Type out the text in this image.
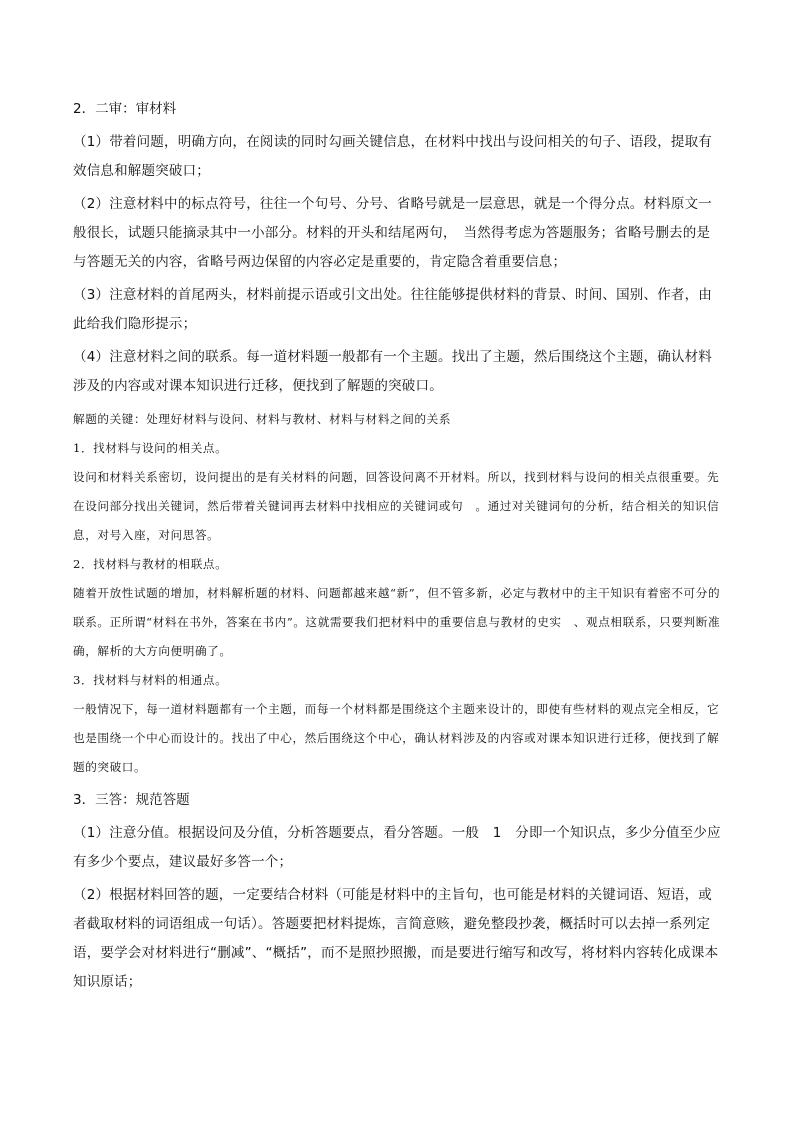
2．二审：审材料

（1）带着问题，明确方向，在阅读的同时勾画关键信息，在材料中找出与设问相关的句子、语段，提取有效信息和解题突破口；

（2）注意材料中的标点符号，往往一个句号、分号、省略号就是一层意思，就是一个得分点。材料原文一般很长，试题只能摘录其中一小部分。材料的开头和结尾两句，　当然得考虑为答题服务；省略号删去的是与答题无关的内容，省略号两边保留的内容必定是重要的，肯定隐含着重要信息；

（3）注意材料的首尾两头，材料前提示语或引文出处。往往能够提供材料的背景、时间、国别、作者，由此给我们隐形提示；

（4）注意材料之间的联系。每一道材料题一般都有一个主题。找出了主题，然后围绕这个主题，确认材料涉及的内容或对课本知识进行迁移，便找到了解题的突破口。

解题的关键：处理好材料与设问、材料与教材、材料与材料之间的关系

1．找材料与设问的相关点。

设问和材料关系密切，设问提出的是有关材料的问题，回答设问离不开材料。所以，找到材料与设问的相关点很重要。先在设问部分找出关键词，然后带着关键词再去材料中找相应的关键词或句　。通过对关键词句的分析，结合相关的知识信息，对号入座，对问思答。

2．找材料与教材的相联点。

随着开放性试题的增加，材料解析题的材料、问题都越来越“新”，但不管多新，必定与教材中的主干知识有着密不可分的联系。正所谓“材料在书外，答案在书内”。这就需要我们把材料中的重要信息与教材的史实　、观点相联系，只要判断准确，解析的大方向便明确了。

3．找材料与材料的相通点。

一般情况下，每一道材料题都有一个主题，而每一个材料都是围绕这个主题来设计的，即使有些材料的观点完全相反，它也是围绕一个中心而设计的。找出了中心，然后围绕这个中心，确认材料涉及的内容或对课本知识进行迁移，便找到了解题的突破口。

3．三答：规范答题

（1）注意分值。根据设问及分值，分析答题要点，看分答题。一般　1　分即一个知识点，多少分值至少应有多少个要点，建议最好多答一个；

（2）根据材料回答的题，一定要结合材料（可能是材料中的主旨句，也可能是材料的关键词语、短语，或者截取材料的词语组成一句话）。答题要把材料提炼，言简意赅，避免整段抄袭，概括时可以去掉一系列定语，要学会对材料进行“删减”、“概括”，而不是照抄照搬，而是要进行缩写和改写，将材料内容转化成课本知识原话；
